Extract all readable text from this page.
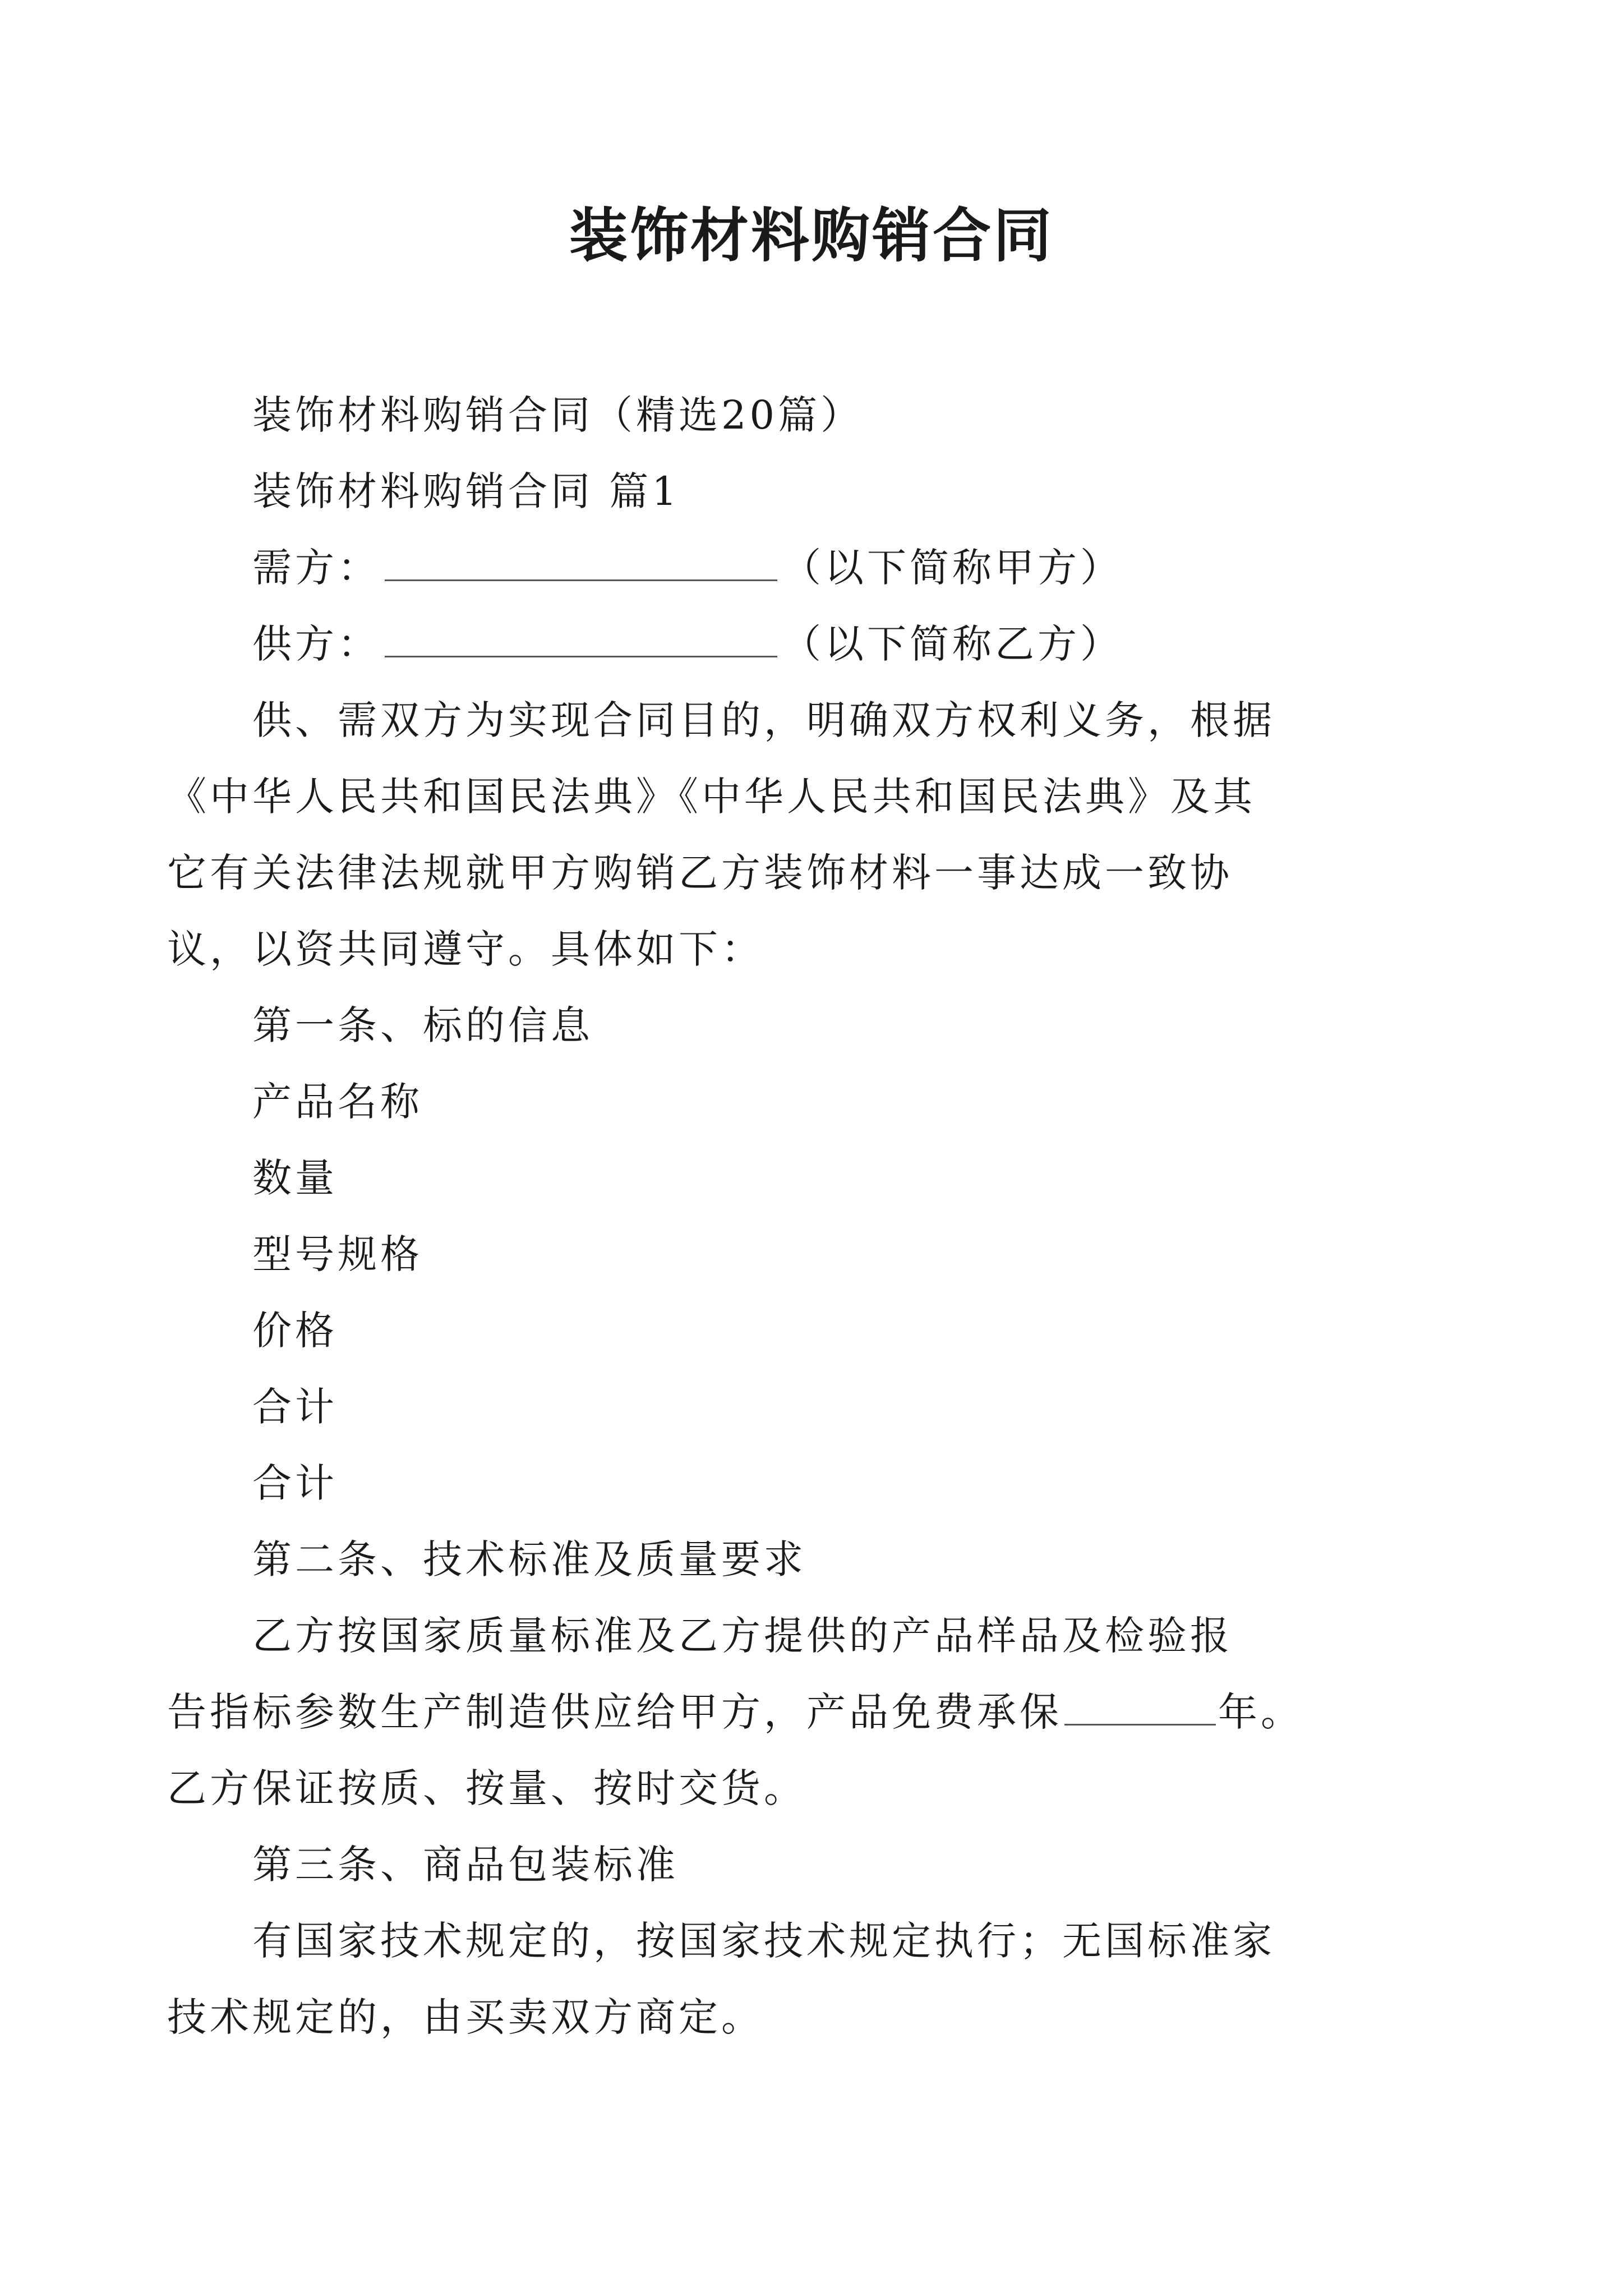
装饰材料购销合同

装饰材料购销合同（精选20篇）

装饰材料购销合同 篇1

需方：	（以下简称甲方）

供方：	（以下简称乙方）

供、需双方为实现合同目的，明确双方权利义务，根据

《中华人民共和国民法典》《中华人民共和国民法典》及其

它有关法律法规就甲方购销乙方装饰材料一事达成一致协

议，以资共同遵守。具体如下：

第一条、标的信息

产品名称

数量

型号规格

价格

合计

合计

第二条、技术标准及质量要求

乙方按国家质量标准及乙方提供的产品样品及检验报

告指标参数生产制造供应给甲方，产品免费承保	年。

乙方保证按质、按量、按时交货。

第三条、商品包装标准

有国家技术规定的，按国家技术规定执行；无国标准家

技术规定的，由买卖双方商定。
